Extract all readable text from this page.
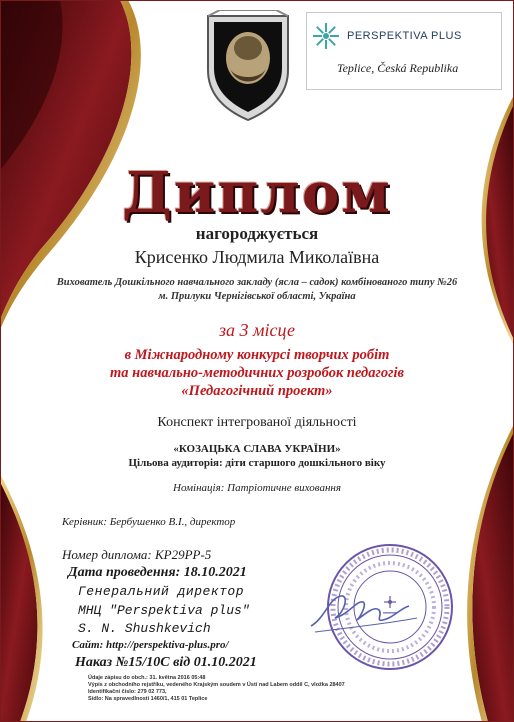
PERSPEKTIVA PLUS
Teplice, Česká Republika
Диплом
нагороджується
Крисенко Людмила Миколаївна
Вихователь Дошкільного навчального закладу (ясла – садок) комбінованого типу №26
м. Прилуки Чернігівської області, Україна
за 3 місце
в Міжнародному конкурсі творчих робіт
та навчально-методичних розробок педагогів
«Педагогічний проект»
Конспект інтегрованої діяльності
«КОЗАЦЬКА СЛАВА УКРАЇНИ»
Цільова аудиторія: діти старшого дошкільного віку
Номінація: Патріотичне виховання
Керівник: Бербушенко В.І., директор
Номер диплома: КР29РР-5
Дата проведення: 18.10.2021
Генеральний директор
МНЦ "Perspektiva plus"
S. N. Shushkevich
Сайт: http://perspektiva-plus.pro/
Наказ №15/10С від 01.10.2021
Údaje zápisu do obch.: 31. května 2016 05:48
Výpis z obchodního rejstříku, vedeného Krajským soudem v Ústí nad Labem oddíl C, vložka 28407
Identifikační číslo: 279 02 773,
Sídlo: Na spravedlnosti 1460/1, 415 01 Teplice
